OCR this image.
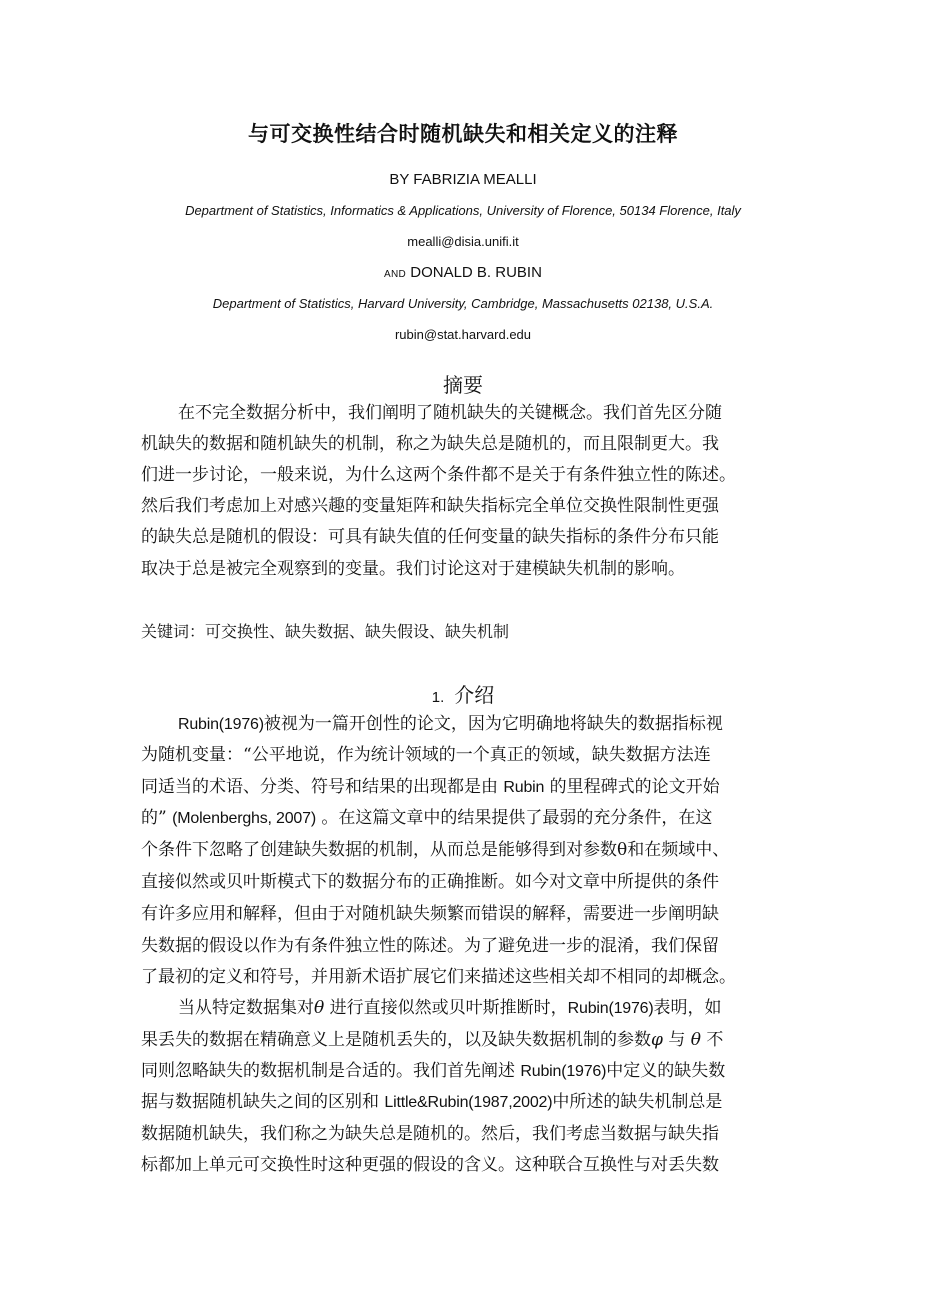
与可交换性结合时随机缺失和相关定义的注释
BY FABRIZIA MEALLI
Department of Statistics, Informatics & Applications, University of Florence, 50134 Florence, Italy
mealli@disia.unifi.it
AND DONALD B. RUBIN
Department of Statistics, Harvard University, Cambridge, Massachusetts 02138, U.S.A.
rubin@stat.harvard.edu
摘要
在不完全数据分析中，我们阐明了随机缺失的关键概念。我们首先区分随
机缺失的数据和随机缺失的机制，称之为缺失总是随机的，而且限制更大。我
们进一步讨论，一般来说，为什么这两个条件都不是关于有条件独立性的陈述。
然后我们考虑加上对感兴趣的变量矩阵和缺失指标完全单位交换性限制性更强
的缺失总是随机的假设：可具有缺失值的任何变量的缺失指标的条件分布只能
取决于总是被完全观察到的变量。我们讨论这对于建模缺失机制的影响。
关键词：可交换性、缺失数据、缺失假设、缺失机制
1. 介绍
Rubin(1976)被视为一篇开创性的论文，因为它明确地将缺失的数据指标视
为随机变量：“公平地说，作为统计领域的一个真正的领域，缺失数据方法连
同适当的术语、分类、符号和结果的出现都是由 Rubin 的里程碑式的论文开始
的” (Molenberghs, 2007) 。在这篇文章中的结果提供了最弱的充分条件，在这
个条件下忽略了创建缺失数据的机制，从而总是能够得到对参数θ和在频域中、
直接似然或贝叶斯模式下的数据分布的正确推断。如今对文章中所提供的条件
有许多应用和解释，但由于对随机缺失频繁而错误的解释，需要进一步阐明缺
失数据的假设以作为有条件独立性的陈述。为了避免进一步的混淆，我们保留
了最初的定义和符号，并用新术语扩展它们来描述这些相关却不相同的却概念。
当从特定数据集对θ 进行直接似然或贝叶斯推断时，Rubin(1976)表明，如
果丢失的数据在精确意义上是随机丢失的，以及缺失数据机制的参数φ 与 θ 不
同则忽略缺失的数据机制是合适的。我们首先阐述 Rubin(1976)中定义的缺失数
据与数据随机缺失之间的区别和 Little&Rubin(1987,2002)中所述的缺失机制总是
数据随机缺失，我们称之为缺失总是随机的。然后，我们考虑当数据与缺失指
标都加上单元可交换性时这种更强的假设的含义。这种联合互换性与对丢失数
